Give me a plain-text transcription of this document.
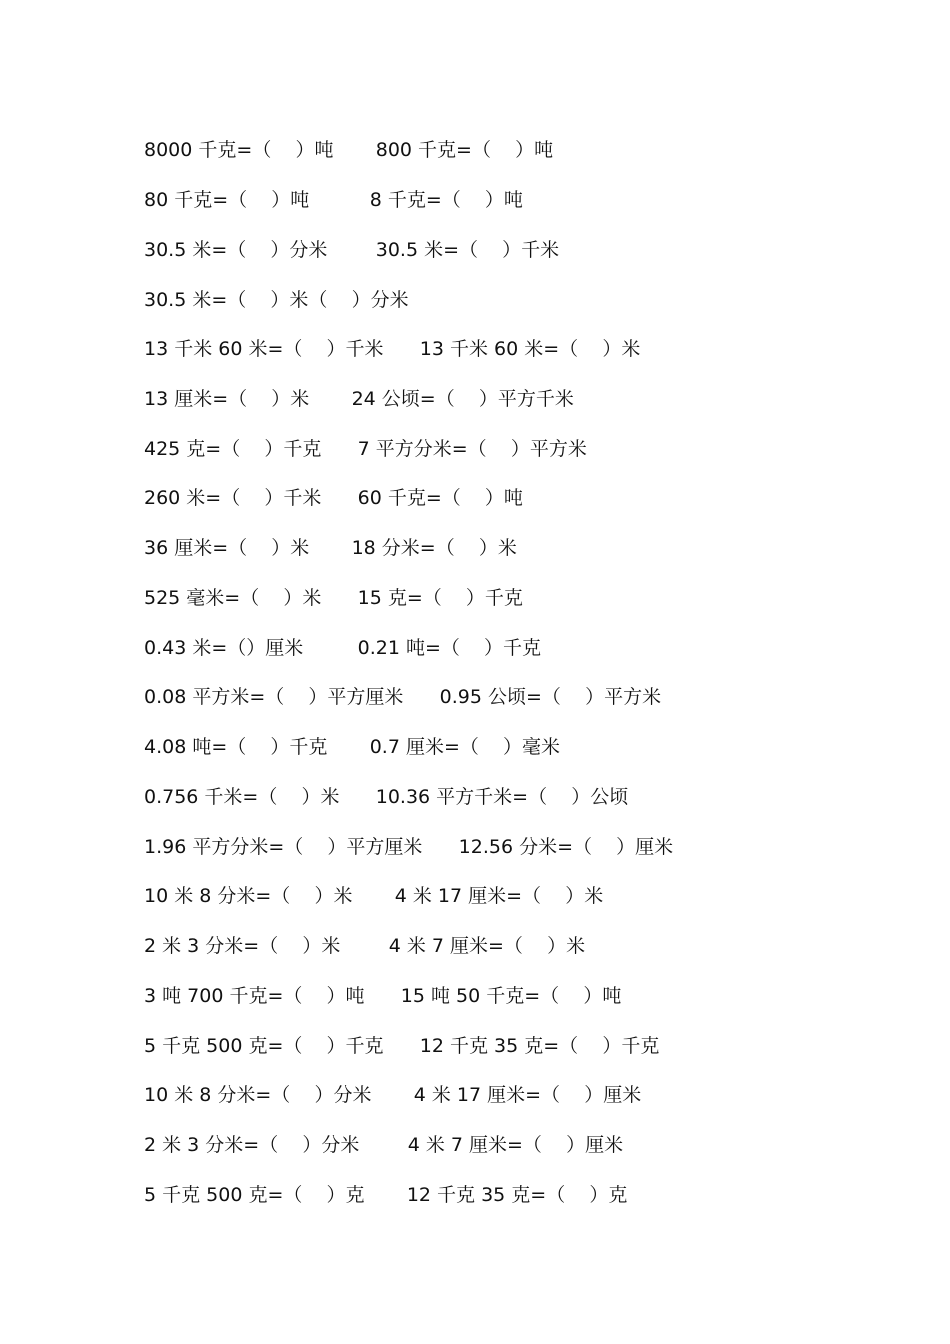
8000 千克=（    ）吨       800 千克=（    ）吨
80 千克=（    ）吨          8 千克=（    ）吨
30.5 米=（    ）分米        30.5 米=（    ）千米
30.5 米=（    ）米（    ）分米
13 千米 60 米=（    ）千米      13 千米 60 米=（    ）米
13 厘米=（    ）米       24 公顷=（    ）平方千米
425 克=（    ）千克      7 平方分米=（    ）平方米
260 米=（    ）千米      60 千克=（    ）吨
36 厘米=（    ）米       18 分米=（    ）米
525 毫米=（    ）米      15 克=（    ）千克
0.43 米=（）厘米         0.21 吨=（    ）千克
0.08 平方米=（    ）平方厘米      0.95 公顷=（    ）平方米
4.08 吨=（    ）千克       0.7 厘米=（    ）毫米
0.756 千米=（    ）米      10.36 平方千米=（    ）公顷
1.96 平方分米=（    ）平方厘米      12.56 分米=（    ）厘米
10 米 8 分米=（    ）米       4 米 17 厘米=（    ）米
2 米 3 分米=（    ）米        4 米 7 厘米=（    ）米
3 吨 700 千克=（    ）吨      15 吨 50 千克=（    ）吨
5 千克 500 克=（    ）千克      12 千克 35 克=（    ）千克
10 米 8 分米=（    ）分米       4 米 17 厘米=（    ）厘米
2 米 3 分米=（    ）分米        4 米 7 厘米=（    ）厘米
5 千克 500 克=（    ）克       12 千克 35 克=（    ）克
